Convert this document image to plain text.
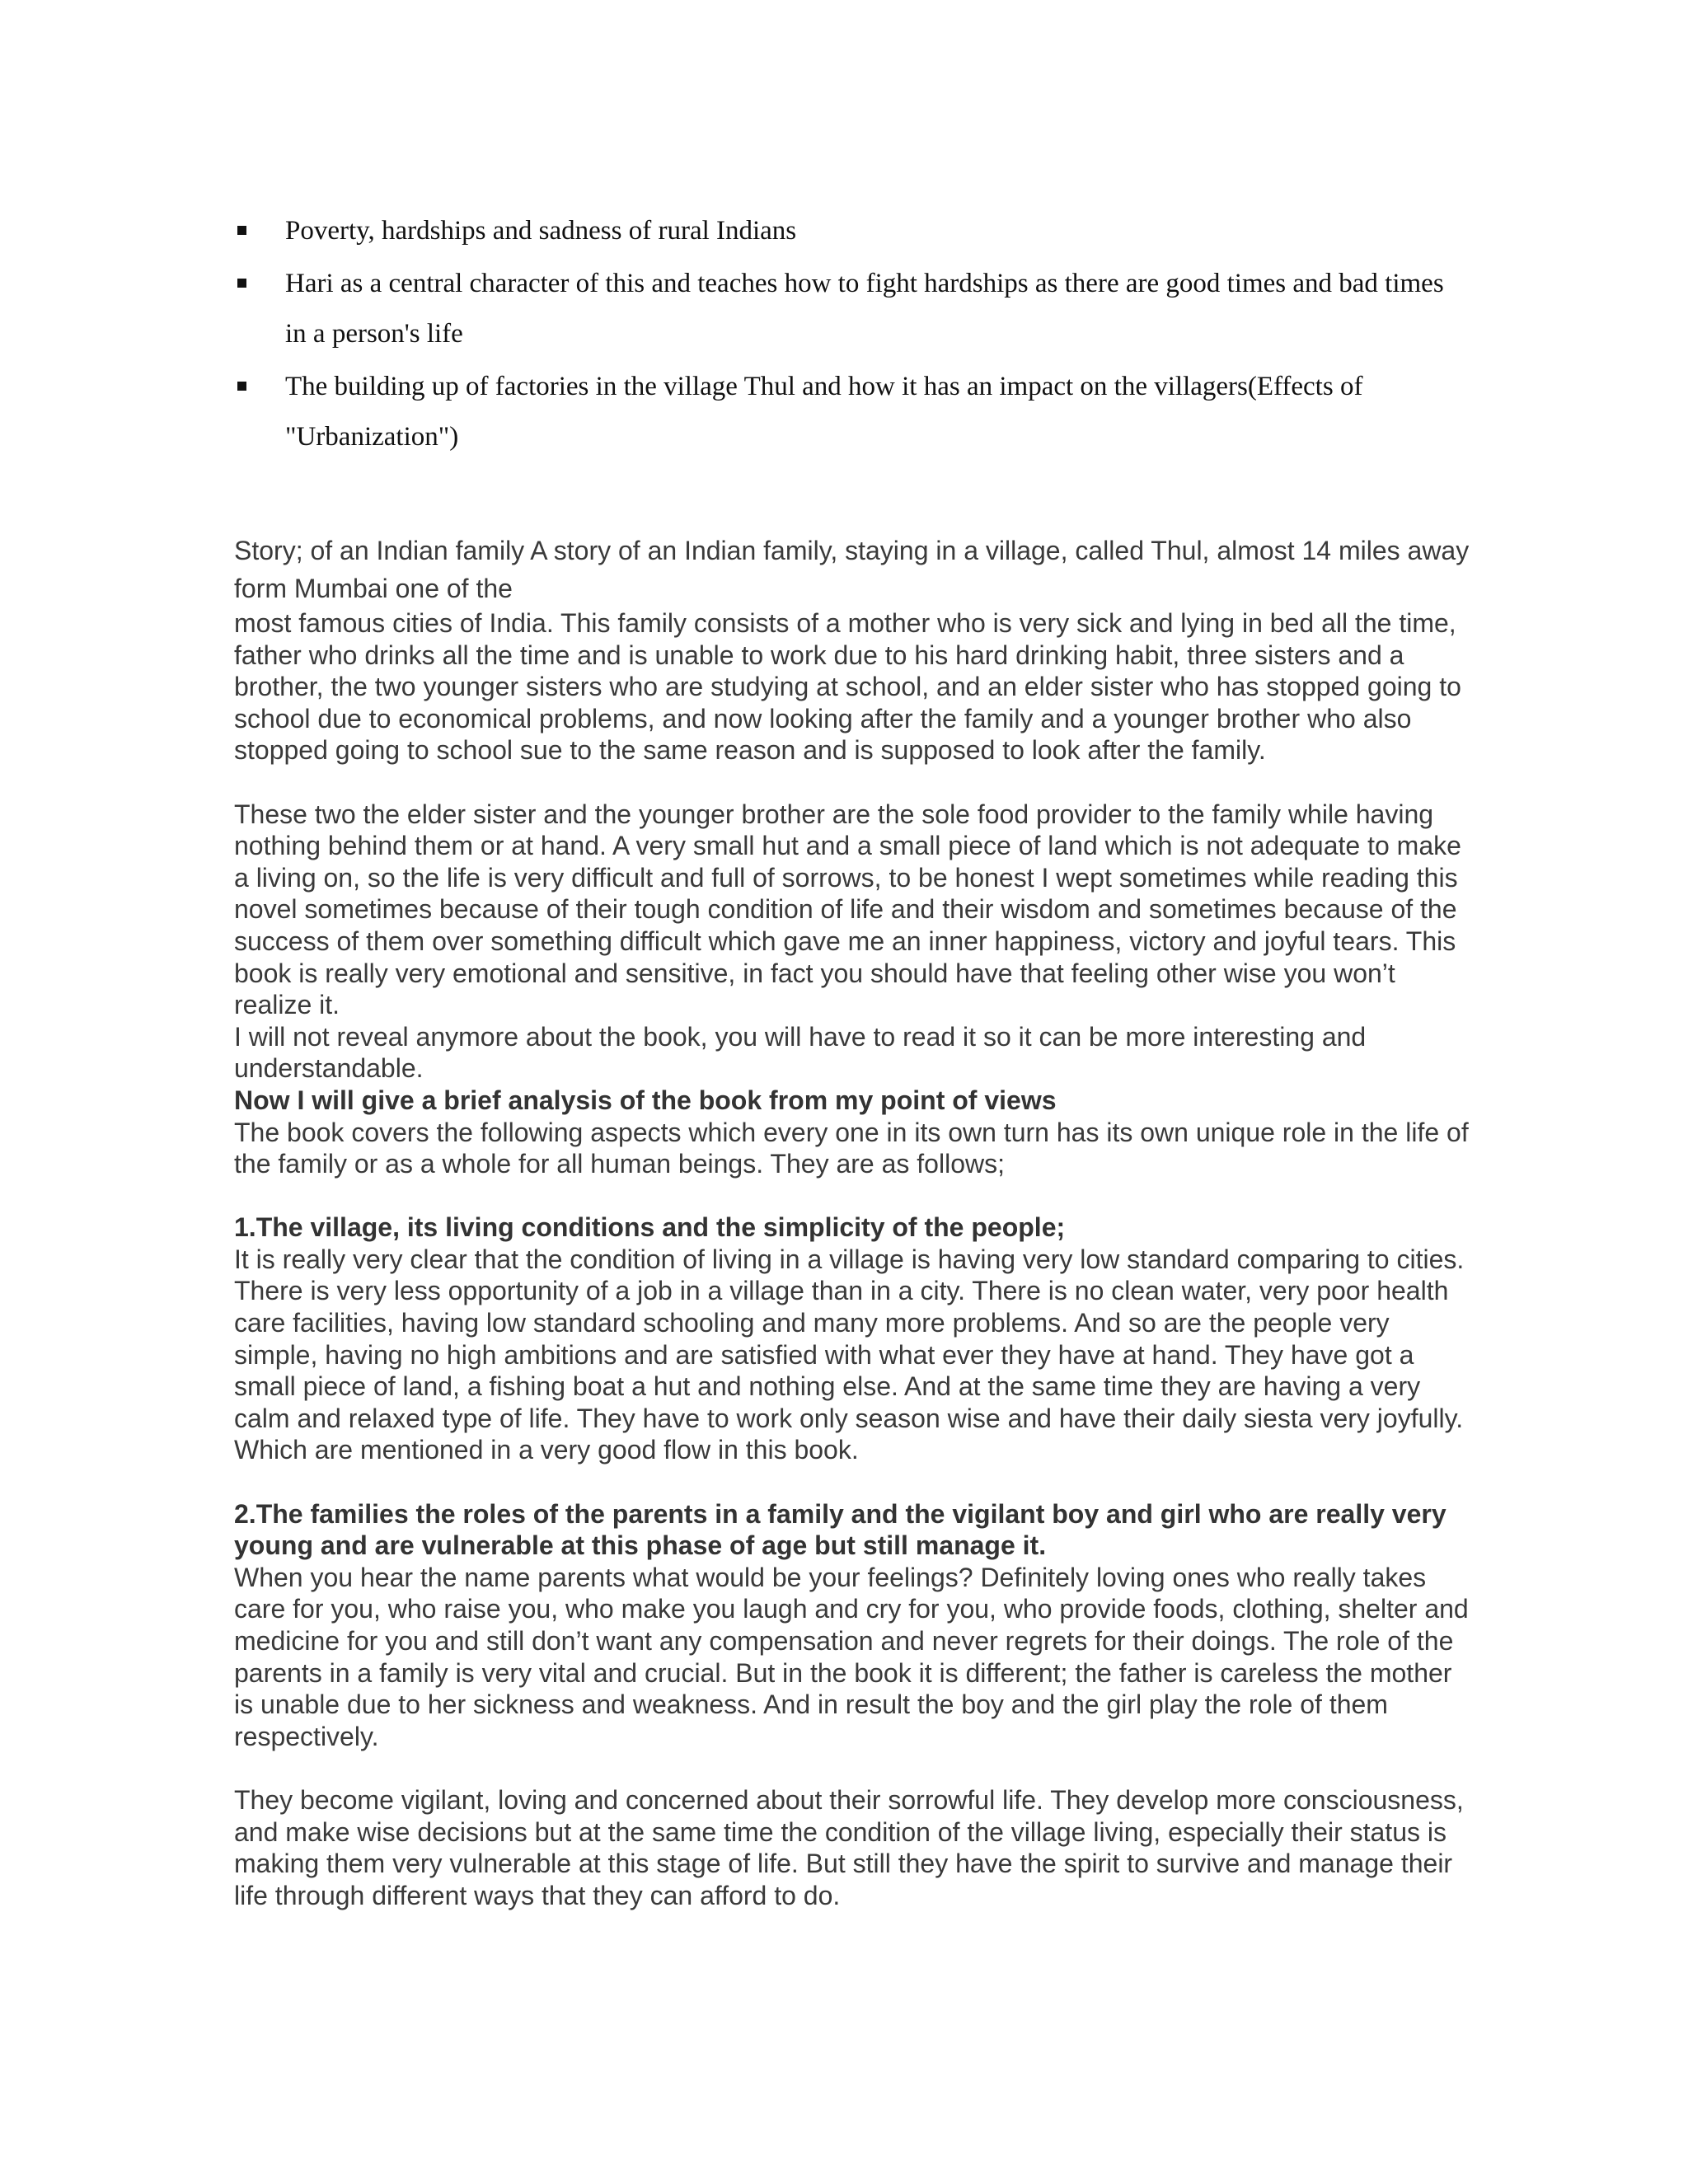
Poverty, hardships and sadness of rural Indians
Hari as a central character of this and teaches how to fight hardships as there are good times and bad times in a person's life
The building up of factories in the village Thul and how it has an impact on the villagers(Effects of "Urbanization")

Story; of an Indian family A story of an Indian family, staying in a village, called Thul, almost 14 miles away form Mumbai one of the

most famous cities of India. This family consists of a mother who is very sick and lying in bed all the time, father who drinks all the time and is unable to work due to his hard drinking habit, three sisters and a brother, the two younger sisters who are studying at school, and an elder sister who has stopped going to school due to economical problems, and now looking after the family and a younger brother who also stopped going to school sue to the same reason and is supposed to look after the family.

These two the elder sister and the younger brother are the sole food provider to the family while having nothing behind them or at hand. A very small hut and a small piece of land which is not adequate to make a living on, so the life is very difficult and full of sorrows, to be honest I wept sometimes while reading this novel sometimes because of their tough condition of life and their wisdom and sometimes because of the success of them over something difficult which gave me an inner happiness, victory and joyful tears. This book is really very emotional and sensitive, in fact you should have that feeling other wise you won’t realize it.

I will not reveal anymore about the book, you will have to read it so it can be more interesting and understandable.

Now I will give a brief analysis of the book from my point of views

The book covers the following aspects which every one in its own turn has its own unique role in the life of the family or as a whole for all human beings. They are as follows;

1.The village, its living conditions and the simplicity of the people;

It is really very clear that the condition of living in a village is having very low standard comparing to cities. There is very less opportunity of a job in a village than in a city. There is no clean water, very poor health care facilities, having low standard schooling and many more problems. And so are the people very simple, having no high ambitions and are satisfied with what ever they have at hand. They have got a small piece of land, a fishing boat a hut and nothing else. And at the same time they are having a very calm and relaxed type of life. They have to work only season wise and have their daily siesta very joyfully. Which are mentioned in a very good flow in this book.

2.The families the roles of the parents in a family and the vigilant boy and girl who are really very young and are vulnerable at this phase of age but still manage it.

When you hear the name parents what would be your feelings? Definitely loving ones who really takes care for you, who raise you, who make you laugh and cry for you, who provide foods, clothing, shelter and medicine for you and still don’t want any compensation and never regrets for their doings. The role of the parents in a family is very vital and crucial. But in the book it is different; the father is careless the mother is unable due to her sickness and weakness. And in result the boy and the girl play the role of them respectively.

They become vigilant, loving and concerned about their sorrowful life. They develop more consciousness, and make wise decisions but at the same time the condition of the village living, especially their status is making them very vulnerable at this stage of life. But still they have the spirit to survive and manage their life through different ways that they can afford to do.
